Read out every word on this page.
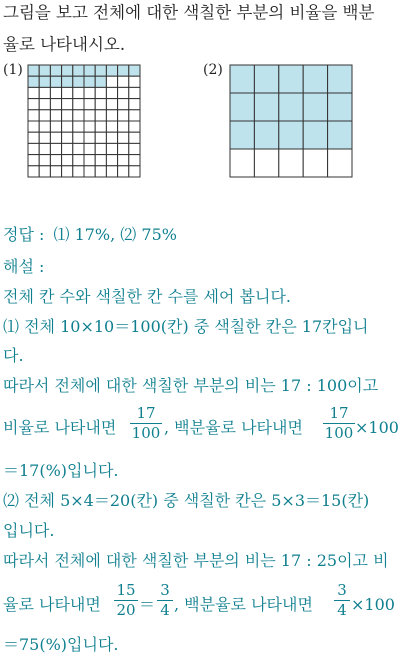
그림을 보고 전체에 대한 색칠한 부분의 비율을 백분
율로 나타내시오.
(1)	(2)
정답 : ⑴ 17%, ⑵ 75%
해설 :
전체 칸 수와 색칠한 칸 수를 세어 봅니다.
⑴ 전체 10×10＝100(칸) 중 색칠한 칸은 17칸입니
다.
따라서 전체에 대한 색칠한 부분의 비는 17 : 100이고
비율로 나타내면
17
100 , 백분율로 나타내면
17
100 ×100
＝17(%)입니다.
⑵ 전체 5×4＝20(칸) 중 색칠한 칸은 5×3＝15(칸)
입니다.
따라서 전체에 대한 색칠한 부분의 비는 17 : 25이고 비
율로 나타내면
15
20 ＝
3
4 , 백분율로 나타내면
3
4 ×100
＝75(%)입니다.
